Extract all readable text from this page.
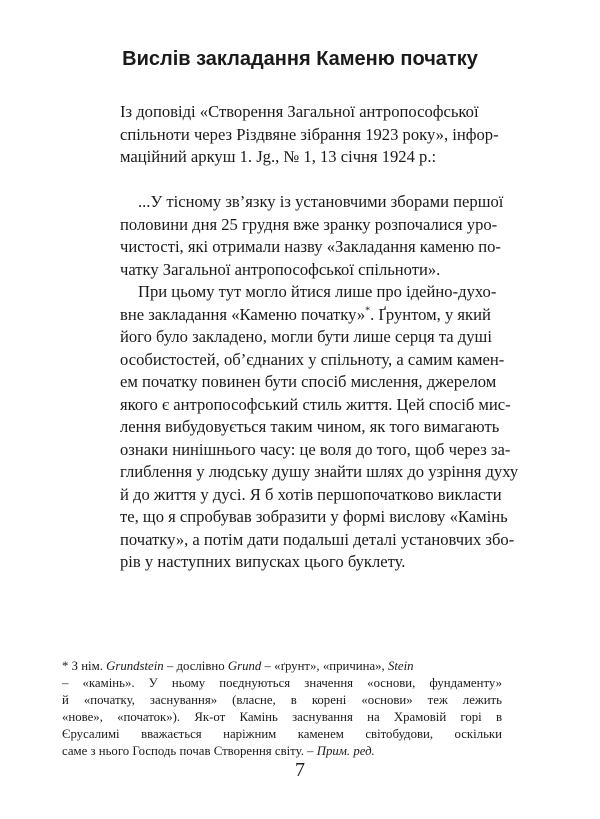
Вислів закладання Каменю початку

Із доповіді «Створення Загальної антропософської
спільноти через Різдвяне зібрання 1923 року», інфор-
маційний аркуш 1. Jg., № 1, 13 січня 1924 р.:

...У тісному зв’язку із установчими зборами першої
половини дня 25 грудня вже зранку розпочалися уро-
чистості, які отримали назву «Закладання каменю по-
чатку Загальної антропософської спільноти».

При цьому тут могло йтися лише про ідейно-духо-
вне закладання «Каменю початку»*. Ґрунтом, у який
його було закладено, могли бути лише серця та душі
особистостей, об’єднаних у спільноту, а самим камен-
ем початку повинен бути спосіб мислення, джерелом
якого є антропософський стиль життя. Цей спосіб мис-
лення вибудовується таким чином, як того вимагають
ознаки нинішнього часу: це воля до того, щоб через за-
глиблення у людську душу знайти шлях до узріння духу
й до життя у дусі. Я б хотів першопочатково викласти
те, що я спробував зобразити у формі вислову «Камінь
початку», а потім дати подальші деталі установчих збо-
рів у наступних випусках цього буклету.

* З нім. Grundstein – дослівно Grund – «ґрунт», «причина», Stein
– «камінь». У ньому поєднуються значення «основи, фундаменту»
й «початку, заснування» (власне, в корені «основи» теж лежить
«нове», «початок»). Як-от Камінь заснування на Храмовій горі в
Єрусалимі вважається наріжним каменем світобудови, оскільки
саме з нього Господь почав Створення світу. – Прим. ред.

7
